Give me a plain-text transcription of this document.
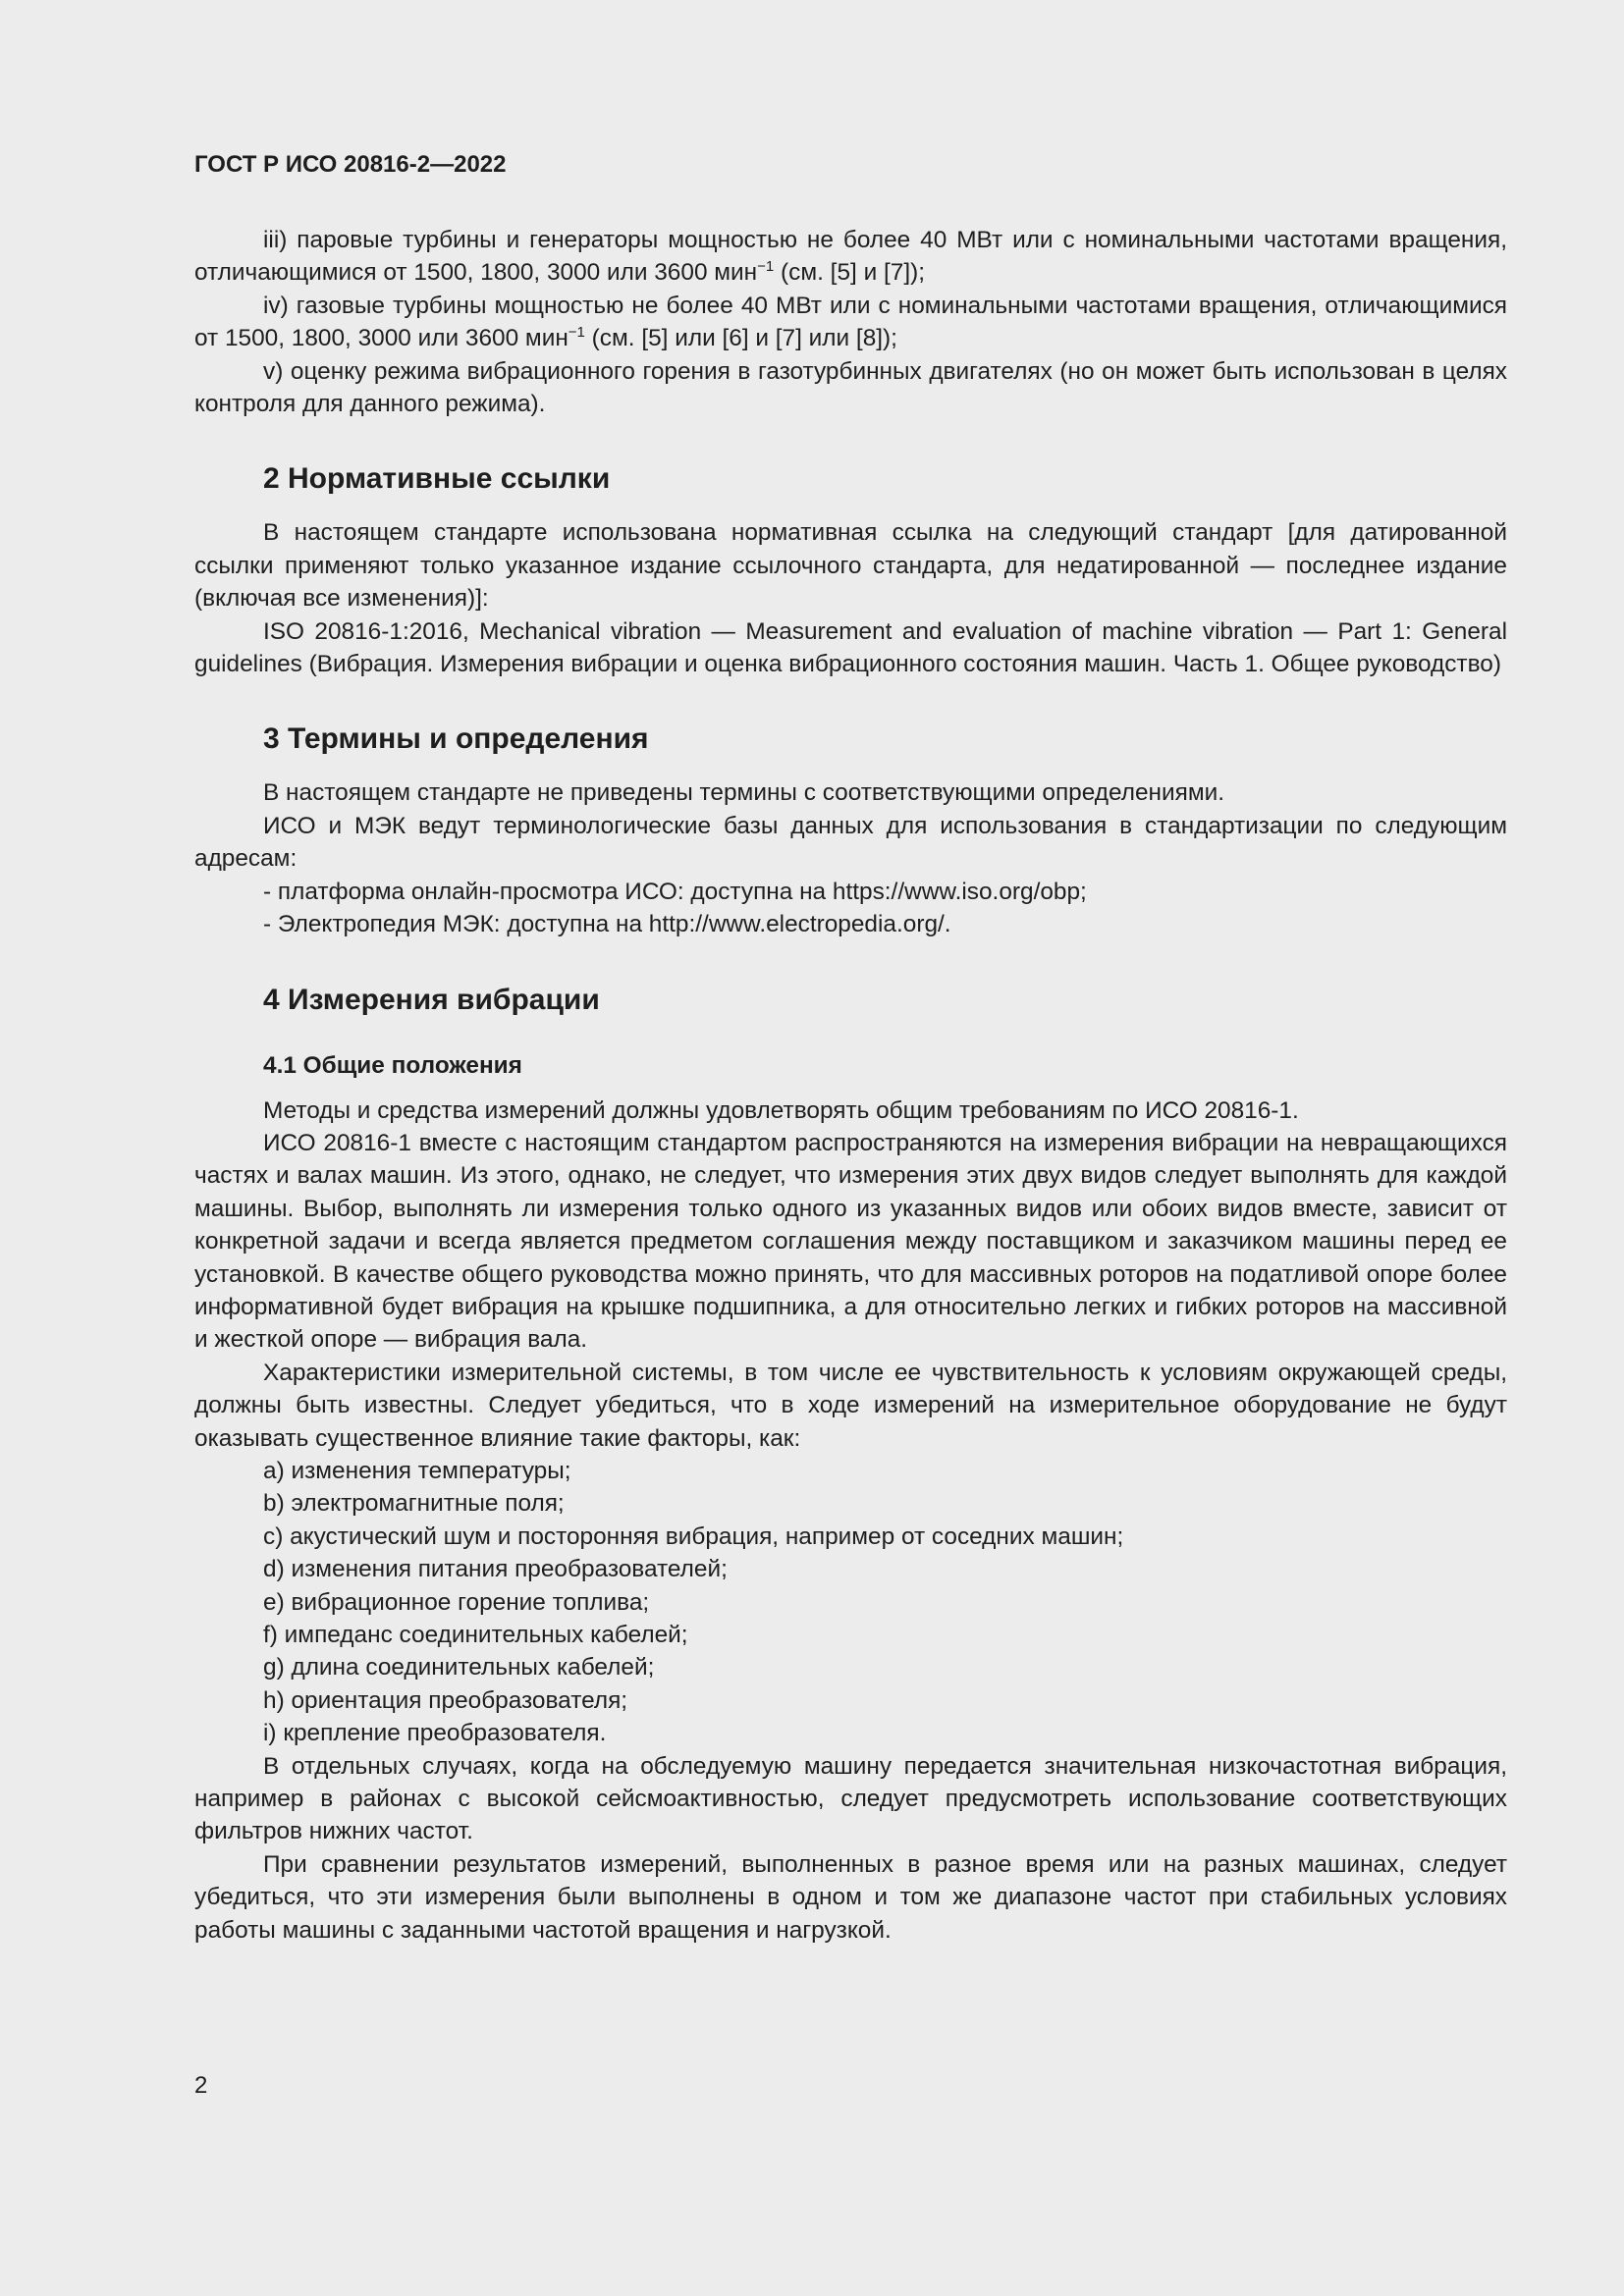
ГОСТ Р ИСО 20816-2—2022

iii) паровые турбины и генераторы мощностью не более 40 МВт или с номинальными частотами вращения, отличающимися от 1500, 1800, 3000 или 3600 мин$^{-1}$ (см. [5] и [7]);

iv) газовые турбины мощностью не более 40 МВт или с номинальными частотами вращения, отличающимися от 1500, 1800, 3000 или 3600 мин$^{-1}$ (см. [5] или [6] и [7] или [8]);

v) оценку режима вибрационного горения в газотурбинных двигателях (но он может быть использован в целях контроля для данного режима).

2 Нормативные ссылки

В настоящем стандарте использована нормативная ссылка на следующий стандарт [для датированной ссылки применяют только указанное издание ссылочного стандарта, для недатированной — последнее издание (включая все изменения)]:

ISO 20816-1:2016, Mechanical vibration — Measurement and evaluation of machine vibration — Part 1: General guidelines (Вибрация. Измерения вибрации и оценка вибрационного состояния машин. Часть 1. Общее руководство)

3 Термины и определения

В настоящем стандарте не приведены термины с соответствующими определениями.

ИСО и МЭК ведут терминологические базы данных для использования в стандартизации по следующим адресам:

- платформа онлайн-просмотра ИСО: доступна на https://www.iso.org/obp;

- Электропедия МЭК: доступна на http://www.electropedia.org/.

4 Измерения вибрации
4.1 Общие положения

Методы и средства измерений должны удовлетворять общим требованиям по ИСО 20816-1.

ИСО 20816-1 вместе с настоящим стандартом распространяются на измерения вибрации на невращающихся частях и валах машин. Из этого, однако, не следует, что измерения этих двух видов следует выполнять для каждой машины. Выбор, выполнять ли измерения только одного из указанных видов или обоих видов вместе, зависит от конкретной задачи и всегда является предметом соглашения между поставщиком и заказчиком машины перед ее установкой. В качестве общего руководства можно принять, что для массивных роторов на податливой опоре более информативной будет вибрация на крышке подшипника, а для относительно легких и гибких роторов на массивной и жесткой опоре — вибрация вала.

Характеристики измерительной системы, в том числе ее чувствительность к условиям окружающей среды, должны быть известны. Следует убедиться, что в ходе измерений на измерительное оборудование не будут оказывать существенное влияние такие факторы, как:

a) изменения температуры;

b) электромагнитные поля;

c) акустический шум и посторонняя вибрация, например от соседних машин;

d) изменения питания преобразователей;

e) вибрационное горение топлива;

f) импеданс соединительных кабелей;

g) длина соединительных кабелей;

h) ориентация преобразователя;

i) крепление преобразователя.

В отдельных случаях, когда на обследуемую машину передается значительная низкочастотная вибрация, например в районах с высокой сейсмоактивностью, следует предусмотреть использование соответствующих фильтров нижних частот.

При сравнении результатов измерений, выполненных в разное время или на разных машинах, следует убедиться, что эти измерения были выполнены в одном и том же диапазоне частот при стабильных условиях работы машины с заданными частотой вращения и нагрузкой.

2
